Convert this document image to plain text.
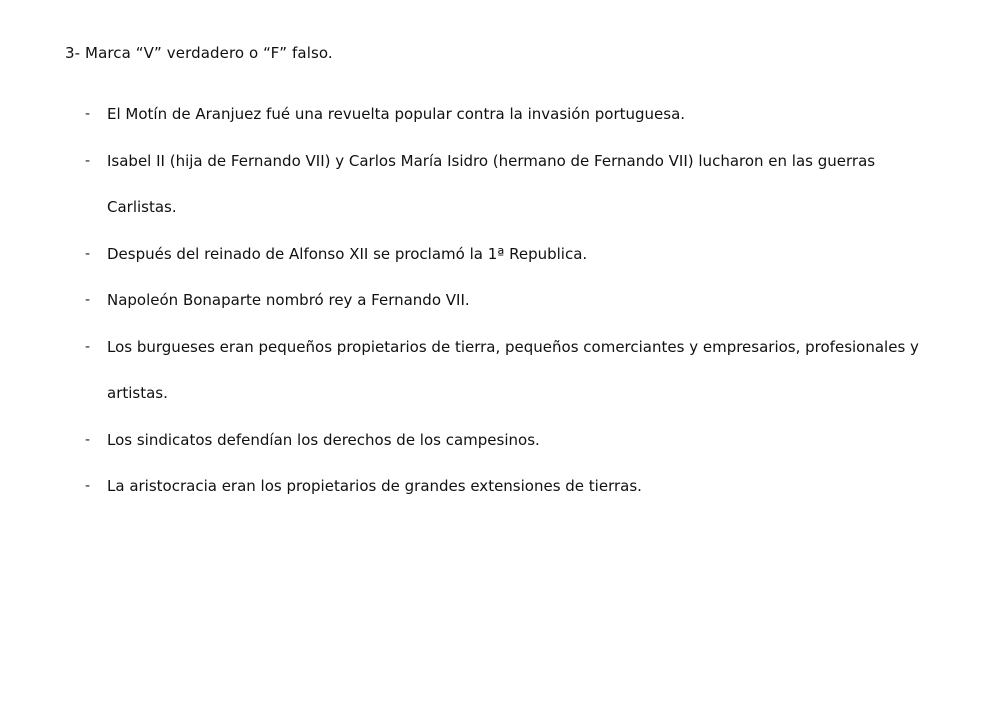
3- Marca “V” verdadero o “F” falso.
- El Motín de Aranjuez fué una revuelta popular contra la invasión portuguesa.
- Isabel II (hija de Fernando VII) y Carlos María Isidro (hermano de Fernando VII) lucharon en las guerras Carlistas.
- Después del reinado de Alfonso XII se proclamó la 1ª Republica.
- Napoleón Bonaparte nombró rey a Fernando VII.
- Los burgueses eran pequeños propietarios de tierra, pequeños comerciantes y empresarios, profesionales y artistas.
- Los sindicatos defendían los derechos de los campesinos.
- La aristocracia eran los propietarios de grandes extensiones de tierras.
